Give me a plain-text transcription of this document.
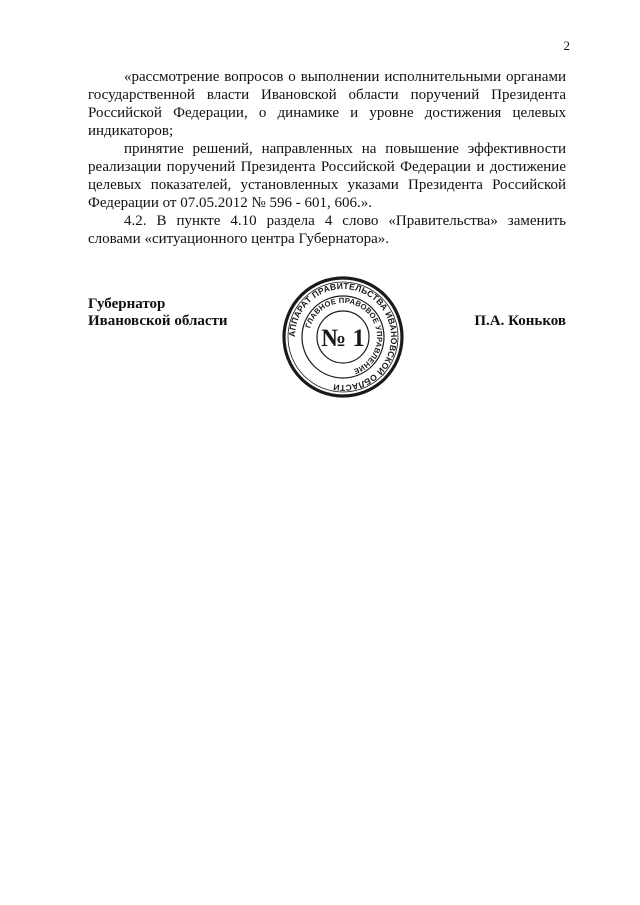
2

«рассмотрение вопросов о выполнении исполнительными органами государственной власти Ивановской области поручений Президента Российской Федерации, о динамике и уровне достижения целевых индикаторов;

принятие решений, направленных на повышение эффективности реализации поручений Президента Российской Федерации и достижение целевых показателей, установленных указами Президента Российской Федерации от 07.05.2012 № 596 - 601, 606.».

4.2. В пункте 4.10 раздела 4 слово «Правительства» заменить словами «ситуационного центра Губернатора».

Губернатор
Ивановской области	П.А. Коньков
АППАРАТ ПРАВИТЕЛЬСТВА ИВАНОВСКОЙ ОБЛАСТИ
ГЛАВНОЕ ПРАВОВОЕ УПРАВЛЕНИЕ
№ 1
